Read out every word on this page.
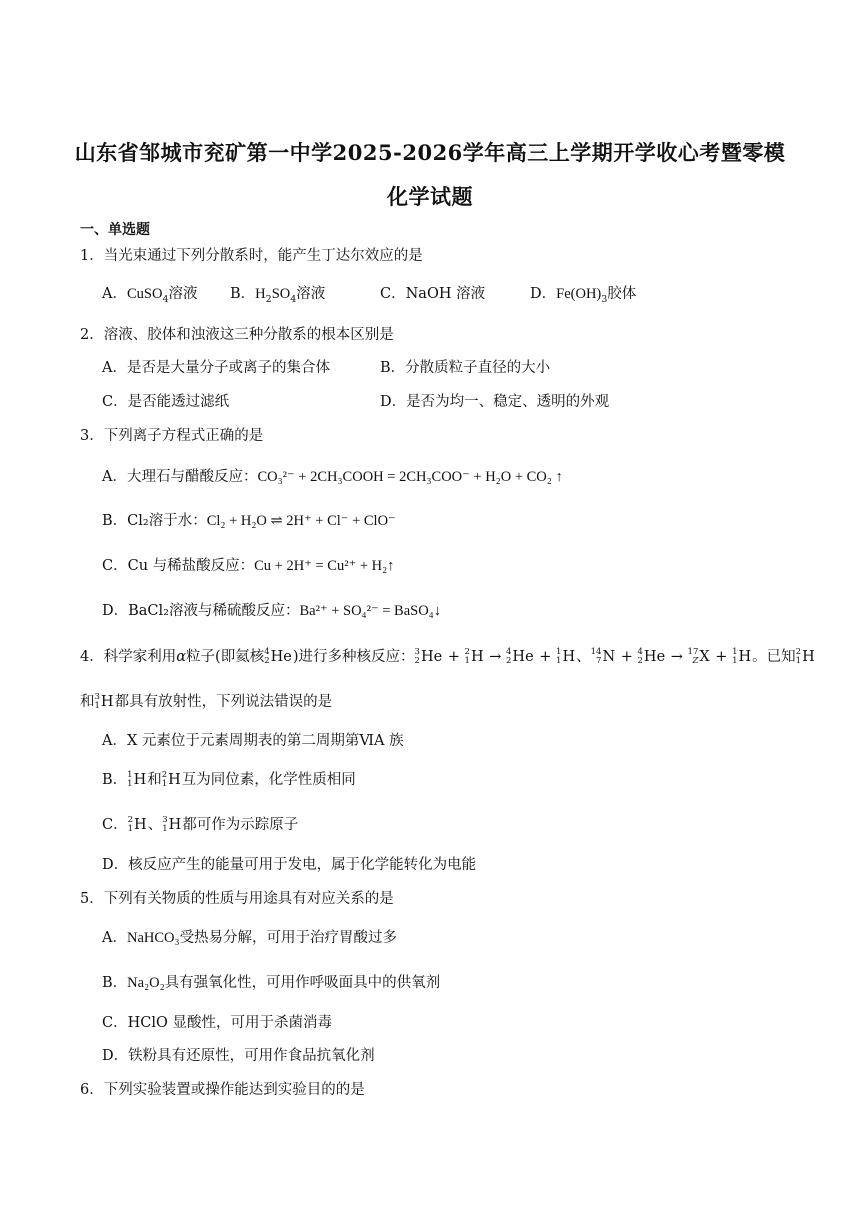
山东省邹城市兖矿第一中学2025-2026学年高三上学期开学收心考暨零模
化学试题
一、单选题
1．当光束通过下列分散系时，能产生丁达尔效应的是
A．CuSO$_4$溶液 B．$H_2SO_4$溶液	C．NaOH 溶液	D．$Fe(OH)_3$胶体
2．溶液、胶体和浊液这三种分散系的根本区别是
A．是否是大量分子或离子的集合体	B．分散质粒子直径的大小
C．是否能透过滤纸	D．是否为均一、稳定、透明的外观
3．下列离子方程式正确的是
A．大理石与醋酸反应：CO₃²⁻ + 2CH₃COOH = 2CH₃COO⁻ + H₂O + CO₂ ↑
B．Cl₂溶于水：Cl₂ + H₂O ⇌ 2H⁺ + Cl⁻ + ClO⁻
C．Cu 与稀盐酸反应：Cu + 2H⁺ = Cu²⁺ + H₂↑
D．BaCl₂溶液与稀硫酸反应：Ba²⁺ + SO₄²⁻ = BaSO₄↓
4．科学家利用α粒子(即氦核 4
2 He)进行多种核反应： 3
2 He + 2
1 H → 4
2 He + 1
1 H、 14
7 N + 4
2 He → 17
Z X + 1
1 H。已知 2
1 H
和 3
1 H都具有放射性，下列说法错误的是
A．X 元素位于元素周期表的第二周期第ⅥA 族
B． 1
1 H和 2
1 H互为同位素，化学性质相同
C． 2
1 H、 3
1 H都可作为示踪原子
D．核反应产生的能量可用于发电，属于化学能转化为电能
5．下列有关物质的性质与用途具有对应关系的是
A．NaHCO₃受热易分解，可用于治疗胃酸过多
B．Na₂O₂具有强氧化性，可用作呼吸面具中的供氧剂
C．HClO 显酸性，可用于杀菌消毒
D．铁粉具有还原性，可用作食品抗氧化剂
6．下列实验装置或操作能达到实验目的的是
